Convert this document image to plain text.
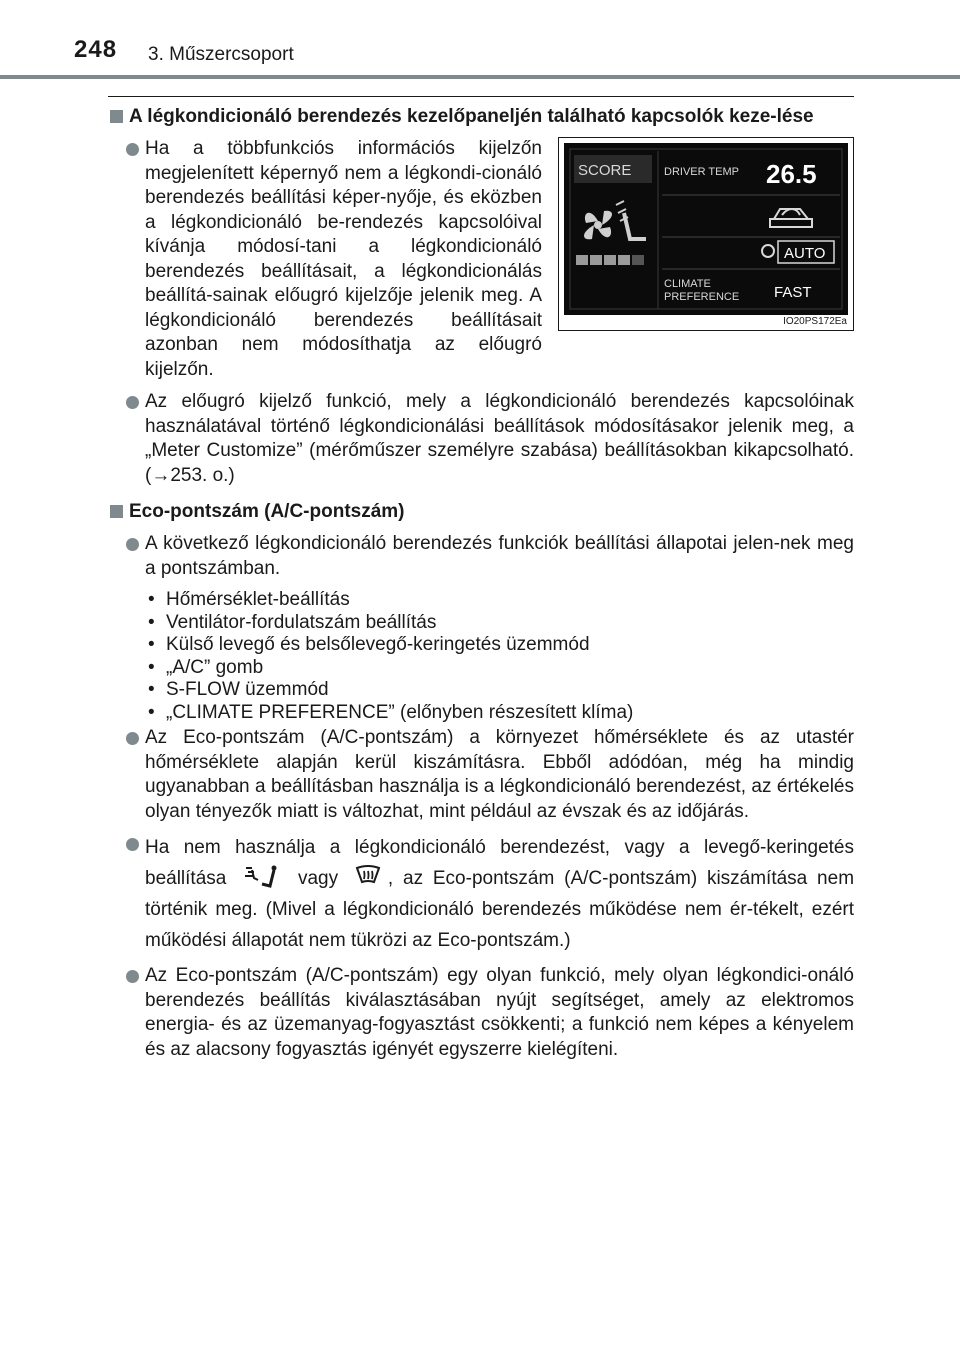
248 3. Műszercsoport
A légkondicionáló berendezés kezelőpaneljén található kapcsolók keze-lése
Ha a többfunkciós információs kijelzőn megjelenített képernyő nem a légkondi-cionáló berendezés beállítási képer-nyője, és eközben a légkondicionáló be-rendezés kapcsolóival kívánja módosí-tani a légkondicionáló berendezés beállításait, a légkondicionálás beállítá-sainak előugró kijelzője jelenik meg. A légkondicionáló berendezés beállításait azonban nem módosíthatja az előugró kijelzőn.
SCORE	DRIVER TEMP 26.5
AUTO
CLIMATE
PREFERENCE FAST
IO20PS172Ea
Az előugró kijelző funkció, mely a légkondicionáló berendezés kapcsolóinak használatával történő légkondicionálási beállítások módosításakor jelenik meg, a „Meter Customize” (mérőműszer személyre szabása) beállításokban kikapcsolható. (→253. o.)
Eco-pontszám (A/C-pontszám)
A következő légkondicionáló berendezés funkciók beállítási állapotai jelen-nek meg a pontszámban.
• Hőmérséklet-beállítás
• Ventilátor-fordulatszám beállítás
• Külső levegő és belsőlevegő-keringetés üzemmód
• „A/C” gomb
• S-FLOW üzemmód
• „CLIMATE PREFERENCE” (előnyben részesített klíma)
Az Eco-pontszám (A/C-pontszám) a környezet hőmérséklete és az utastér hőmérséklete alapján kerül kiszámításra. Ebből adódóan, még ha mindig ugyanabban a beállításban használja is a légkondicionáló berendezést, az értékelés olyan tényezők miatt is változhat, mint például az évszak és az időjárás.
Ha nem használja a légkondicionáló berendezést, vagy a levegő-keringetés beállítása	vagy	, az Eco-pontszám (A/C-pontszám) kiszámítása nem történik meg. (Mivel a légkondicionáló berendezés működése nem ér-tékelt, ezért működési állapotát nem tükrözi az Eco-pontszám.)
Az Eco-pontszám (A/C-pontszám) egy olyan funkció, mely olyan légkondici-onáló berendezés beállítás kiválasztásában nyújt segítséget, amely az elektromos energia- és az üzemanyag-fogyasztást csökkenti; a funkció nem képes a kényelem és az alacsony fogyasztás igényét egyszerre kielégíteni.
